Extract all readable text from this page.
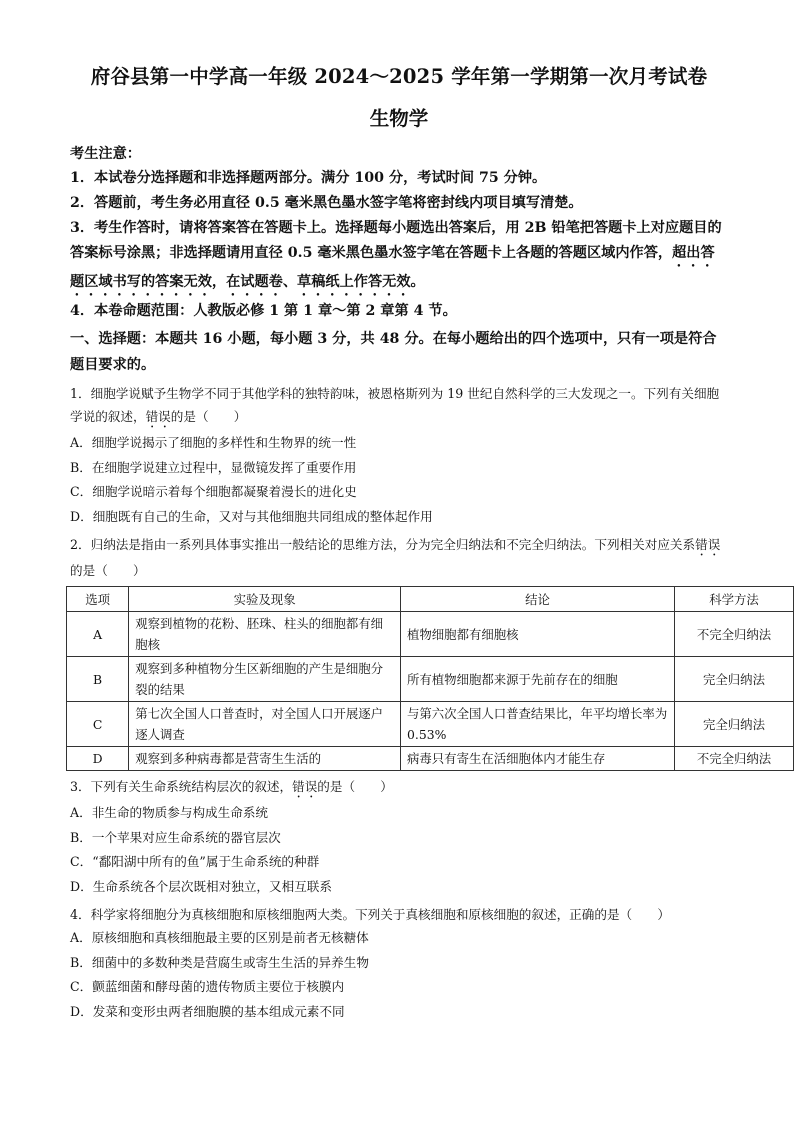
府谷县第一中学高一年级 2024～2025 学年第一学期第一次月考试卷
生物学
考生注意：

1．本试卷分选择题和非选择题两部分。满分 100 分，考试时间 75 分钟。

2．答题前，考生务必用直径 0.5 毫米黑色墨水签字笔将密封线内项目填写清楚。

3．考生作答时，请将答案答在答题卡上。选择题每小题选出答案后，用 2B 铅笔把答题卡上对应题目的答案标号涂黑；非选择题请用直径 0.5 毫米黑色墨水签字笔在答题卡上各题的答题区域内作答，超出答题区域书写的答案无效，在试题卷、草稿纸上作答无效。

4．本卷命题范围：人教版必修 1 第 1 章～第 2 章第 4 节。

一、选择题：本题共 16 小题，每小题 3 分，共 48 分。在每小题给出的四个选项中，只有一项是符合题目要求的。

1．细胞学说赋予生物学不同于其他学科的独特韵味，被恩格斯列为 19 世纪自然科学的三大发现之一。下列有关细胞学说的叙述，错误的是（　　）

A．细胞学说揭示了细胞的多样性和生物界的统一性

B．在细胞学说建立过程中，显微镜发挥了重要作用

C．细胞学说暗示着每个细胞都凝聚着漫长的进化史

D．细胞既有自己的生命，又对与其他细胞共同组成的整体起作用

2．归纳法是指由一系列具体事实推出一般结论的思维方法，分为完全归纳法和不完全归纳法。下列相关对应关系错误的是（　　）

选项	实验及现象	结论	科学方法
A	观察到植物的花粉、胚珠、柱头的细胞都有细胞核	植物细胞都有细胞核	不完全归纳法
B	观察到多种植物分生区新细胞的产生是细胞分裂的结果	所有植物细胞都来源于先前存在的细胞	完全归纳法
C	第七次全国人口普查时，对全国人口开展逐户逐人调查	与第六次全国人口普查结果比，年平均增长率为 0.53%	完全归纳法
D	观察到多种病毒都是营寄生生活的	病毒只有寄生在活细胞体内才能生存	不完全归纳法

3．下列有关生命系统结构层次的叙述，错误的是（　　）

A．非生命的物质参与构成生命系统

B．一个苹果对应生命系统的器官层次

C．“鄱阳湖中所有的鱼”属于生命系统的种群

D．生命系统各个层次既相对独立，又相互联系

4．科学家将细胞分为真核细胞和原核细胞两大类。下列关于真核细胞和原核细胞的叙述，正确的是（　　）

A．原核细胞和真核细胞最主要的区别是前者无核糖体

B．细菌中的多数种类是营腐生或寄生生活的异养生物

C．颤蓝细菌和酵母菌的遗传物质主要位于核膜内

D．发菜和变形虫两者细胞膜的基本组成元素不同
